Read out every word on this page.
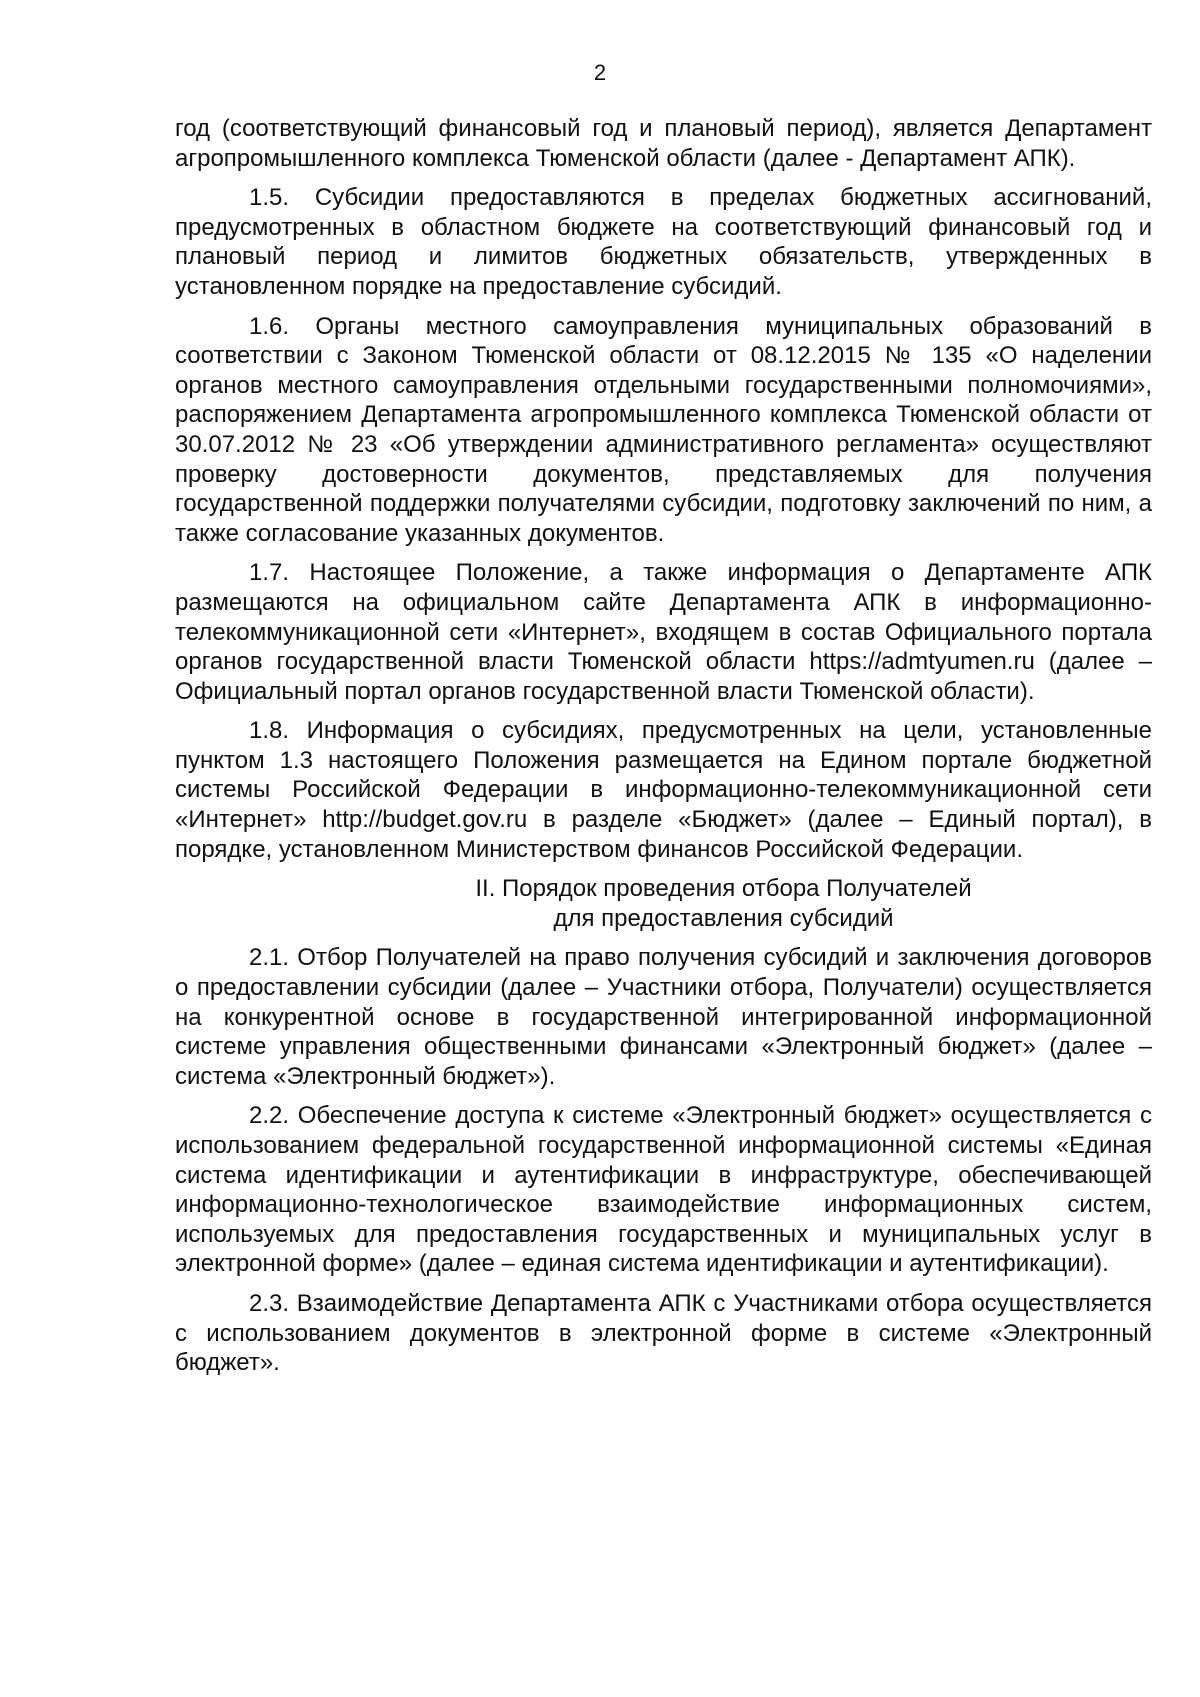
2

год (соответствующий финансовый год и плановый период), является Департамент агропромышленного комплекса Тюменской области (далее - Департамент АПК).

1.5. Субсидии предоставляются в пределах бюджетных ассигнований, предусмотренных в областном бюджете на соответствующий финансовый год и плановый период и лимитов бюджетных обязательств, утвержденных в установленном порядке на предоставление субсидий.

1.6. Органы местного самоуправления муниципальных образований в соответствии с Законом Тюменской области от 08.12.2015 № 135 «О наделении органов местного самоуправления отдельными государственными полномочиями», распоряжением Департамента агропромышленного комплекса Тюменской области от 30.07.2012 № 23 «Об утверждении административного регламента» осуществляют проверку достоверности документов, представляемых для получения государственной поддержки получателями субсидии, подготовку заключений по ним, а также согласование указанных документов.

1.7. Настоящее Положение, а также информация о Департаменте АПК размещаются на официальном сайте Департамента АПК в информационно-телекоммуникационной сети «Интернет», входящем в состав Официального портала органов государственной власти Тюменской области https://admtyumen.ru (далее – Официальный портал органов государственной власти Тюменской области).

1.8. Информация о субсидиях, предусмотренных на цели, установленные пунктом 1.3 настоящего Положения размещается на Едином портале бюджетной системы Российской Федерации в информационно-телекоммуникационной сети «Интернет» http://budget.gov.ru в разделе «Бюджет» (далее – Единый портал), в порядке, установленном Министерством финансов Российской Федерации.

II. Порядок проведения отбора Получателей
для предоставления субсидий

2.1. Отбор Получателей на право получения субсидий и заключения договоров о предоставлении субсидии (далее – Участники отбора, Получатели) осуществляется на конкурентной основе в государственной интегрированной информационной системе управления общественными финансами «Электронный бюджет» (далее – система «Электронный бюджет»).

2.2. Обеспечение доступа к системе «Электронный бюджет» осуществляется с использованием федеральной государственной информационной системы «Единая система идентификации и аутентификации в инфраструктуре, обеспечивающей информационно-технологическое взаимодействие информационных систем, используемых для предоставления государственных и муниципальных услуг в электронной форме» (далее – единая система идентификации и аутентификации).

2.3. Взаимодействие Департамента АПК с Участниками отбора осуществляется с использованием документов в электронной форме в системе «Электронный бюджет».
